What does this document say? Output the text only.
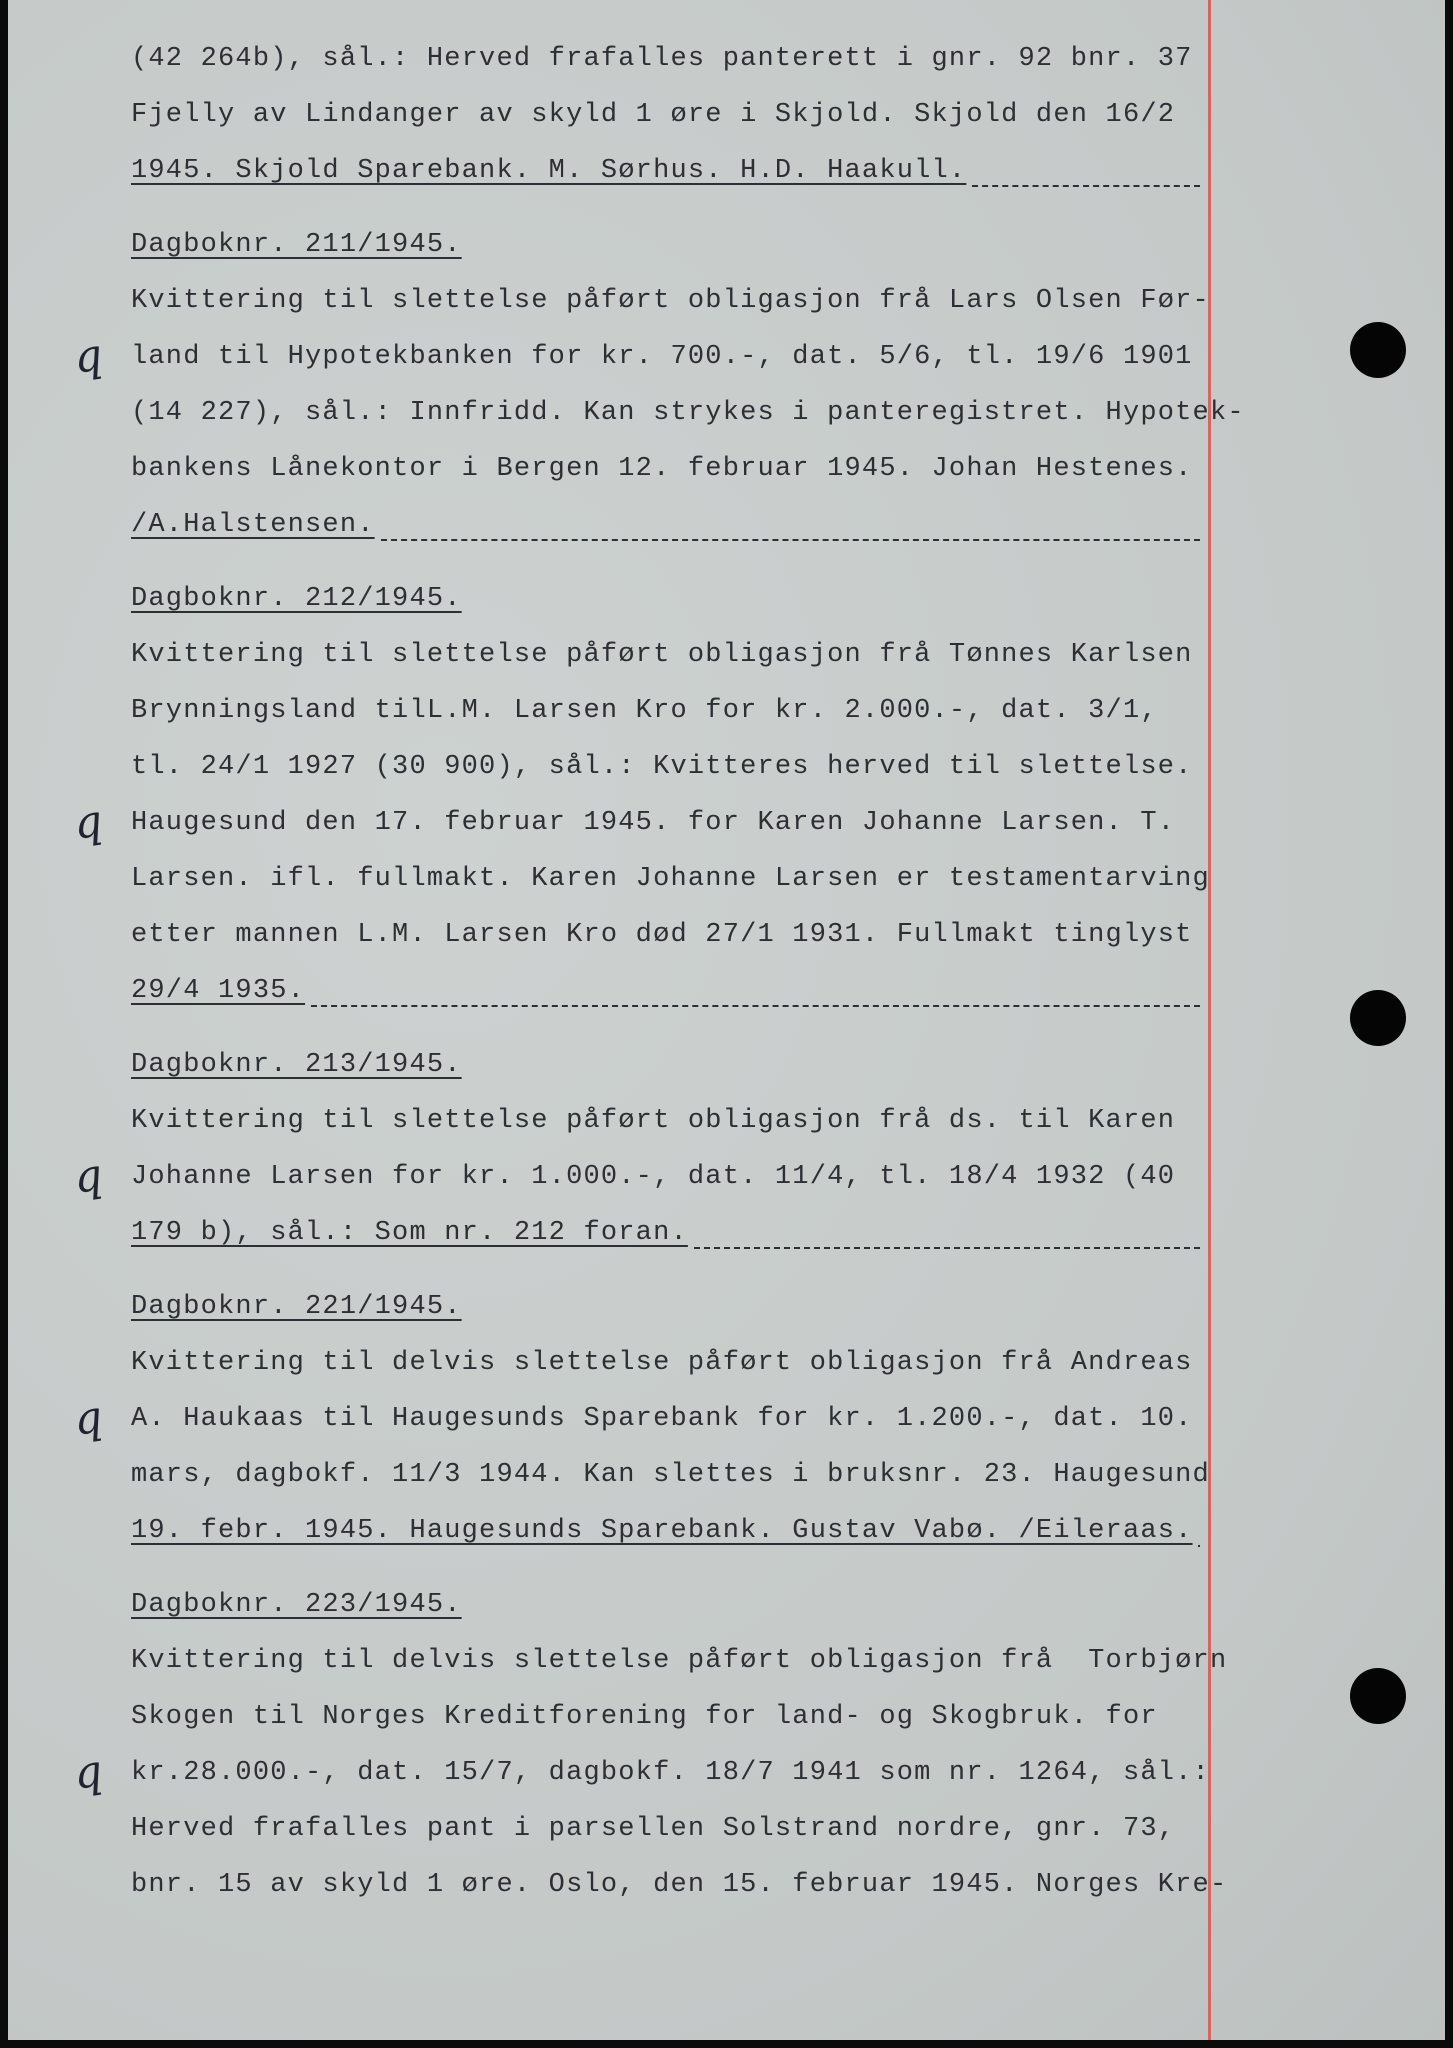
(42 264b), sål.: Herved frafalles panterett i gnr. 92 bnr. 37
Fjelly av Lindanger av skyld 1 øre i Skjold. Skjold den 16/2
1945. Skjold Sparebank. M. Sørhus. H.D. Haakull.
Dagboknr. 211/1945.
Kvittering til slettelse påført obligasjon frå Lars Olsen Før-
land til Hypotekbanken for kr. 700.-, dat. 5/6, tl. 19/6 1901
q
(14 227), sål.: Innfridd. Kan strykes i panteregistret. Hypotek-
bankens Lånekontor i Bergen 12. februar 1945. Johan Hestenes.
/A.Halstensen.
Dagboknr. 212/1945.
Kvittering til slettelse påført obligasjon frå Tønnes Karlsen
Brynningsland tilL.M. Larsen Kro for kr. 2.000.-, dat. 3/1,
tl. 24/1 1927 (30 900), sål.: Kvitteres herved til slettelse.
Haugesund den 17. februar 1945. for Karen Johanne Larsen. T.
q
Larsen. ifl. fullmakt. Karen Johanne Larsen er testamentarving
etter mannen L.M. Larsen Kro død 27/1 1931. Fullmakt tinglyst
29/4 1935.
Dagboknr. 213/1945.
Kvittering til slettelse påført obligasjon frå ds. til Karen
Johanne Larsen for kr. 1.000.-, dat. 11/4, tl. 18/4 1932 (40
q
179 b), sål.: Som nr. 212 foran.
Dagboknr. 221/1945.
Kvittering til delvis slettelse påført obligasjon frå Andreas
A. Haukaas til Haugesunds Sparebank for kr. 1.200.-, dat. 10.
q
mars, dagbokf. 11/3 1944. Kan slettes i bruksnr. 23. Haugesund
19. febr. 1945. Haugesunds Sparebank. Gustav Vabø. /Eileraas.
Dagboknr. 223/1945.
Kvittering til delvis slettelse påført obligasjon frå  Torbjørn
Skogen til Norges Kreditforening for land- og Skogbruk. for
kr.28.000.-, dat. 15/7, dagbokf. 18/7 1941 som nr. 1264, sål.:
q
Herved frafalles pant i parsellen Solstrand nordre, gnr. 73,
bnr. 15 av skyld 1 øre. Oslo, den 15. februar 1945. Norges Kre-
